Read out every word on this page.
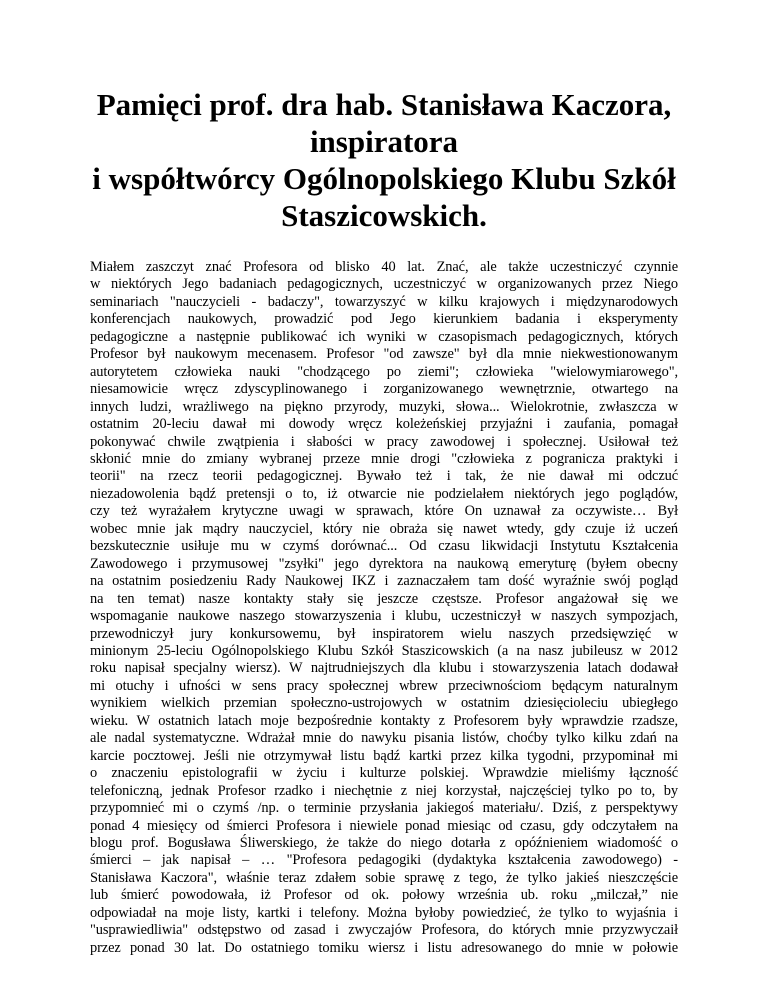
Pamięci prof. dra hab. Stanisława Kaczora,
inspiratora
i współtwórcy Ogólnopolskiego Klubu Szkół
Staszicowskich.
Miałem zaszczyt znać Profesora od blisko 40 lat. Znać, ale także uczestniczyć czynnie
w niektórych Jego badaniach pedagogicznych, uczestniczyć w organizowanych przez Niego
seminariach "nauczycieli - badaczy", towarzyszyć w kilku krajowych i międzynarodowych
konferencjach naukowych, prowadzić pod Jego kierunkiem badania i eksperymenty
pedagogiczne a następnie publikować ich wyniki w czasopismach pedagogicznych, których
Profesor był naukowym mecenasem. Profesor "od zawsze" był dla mnie niekwestionowanym
autorytetem człowieka nauki "chodzącego po ziemi"; człowieka "wielowymiarowego",
niesamowicie wręcz zdyscyplinowanego i zorganizowanego wewnętrznie, otwartego na
innych ludzi, wrażliwego na piękno przyrody, muzyki, słowa... Wielokrotnie, zwłaszcza w
ostatnim 20-leciu dawał mi dowody wręcz koleżeńskiej przyjaźni i zaufania, pomagał
pokonywać chwile zwątpienia i słabości w pracy zawodowej i społecznej. Usiłował też
skłonić mnie do zmiany wybranej przeze mnie drogi "człowieka z pogranicza praktyki i
teorii" na rzecz teorii pedagogicznej. Bywało też i tak, że nie dawał mi odczuć
niezadowolenia bądź pretensji o to, iż otwarcie nie podzielałem niektórych jego poglądów,
czy też wyrażałem krytyczne uwagi w sprawach, które On uznawał za oczywiste… Był
wobec mnie jak mądry nauczyciel, który nie obraża się nawet wtedy, gdy czuje iż uczeń
bezskutecznie usiłuje mu w czymś dorównać... Od czasu likwidacji Instytutu Kształcenia
Zawodowego i przymusowej "zsyłki" jego dyrektora na naukową emeryturę (byłem obecny
na ostatnim posiedzeniu Rady Naukowej IKZ i zaznaczałem tam dość wyraźnie swój pogląd
na ten temat) nasze kontakty stały się jeszcze częstsze. Profesor angażował się we
wspomaganie naukowe naszego stowarzyszenia i klubu, uczestniczył w naszych sympozjach,
przewodniczył jury konkursowemu, był inspiratorem wielu naszych przedsięwzięć w
minionym 25-leciu Ogólnopolskiego Klubu Szkół Staszicowskich (a na nasz jubileusz w 2012
roku napisał specjalny wiersz). W najtrudniejszych dla klubu i stowarzyszenia latach dodawał
mi otuchy i ufności w sens pracy społecznej wbrew przeciwnościom będącym naturalnym
wynikiem wielkich przemian społeczno-ustrojowych w ostatnim dziesięcioleciu ubiegłego
wieku. W ostatnich latach moje bezpośrednie kontakty z Profesorem były wprawdzie rzadsze,
ale nadal systematyczne. Wdrażał mnie do nawyku pisania listów, choćby tylko kilku zdań na
karcie pocztowej. Jeśli nie otrzymywał listu bądź kartki przez kilka tygodni, przypominał mi
o znaczeniu epistolografii w życiu i kulturze polskiej. Wprawdzie mieliśmy łączność
telefoniczną, jednak Profesor rzadko i niechętnie z niej korzystał, najczęściej tylko po to, by
przypomnieć mi o czymś /np. o terminie przysłania jakiegoś materiału/. Dziś, z perspektywy
ponad 4 miesięcy od śmierci Profesora i niewiele ponad miesiąc od czasu, gdy odczytałem na
blogu prof. Bogusława Śliwerskiego, że także do niego dotarła z opóźnieniem wiadomość o
śmierci – jak napisał – … "Profesora pedagogiki (dydaktyka kształcenia zawodowego) -
Stanisława Kaczora", właśnie teraz zdałem sobie sprawę z tego, że tylko jakieś nieszczęście
lub śmierć powodowała, iż Profesor od ok. połowy września ub. roku „milczał,” nie
odpowiadał na moje listy, kartki i telefony. Można byłoby powiedzieć, że tylko to wyjaśnia i
"usprawiedliwia" odstępstwo od zasad i zwyczajów Profesora, do których mnie przyzwyczaił
przez ponad 30 lat. Do ostatniego tomiku wiersz i listu adresowanego do mnie w połowie
